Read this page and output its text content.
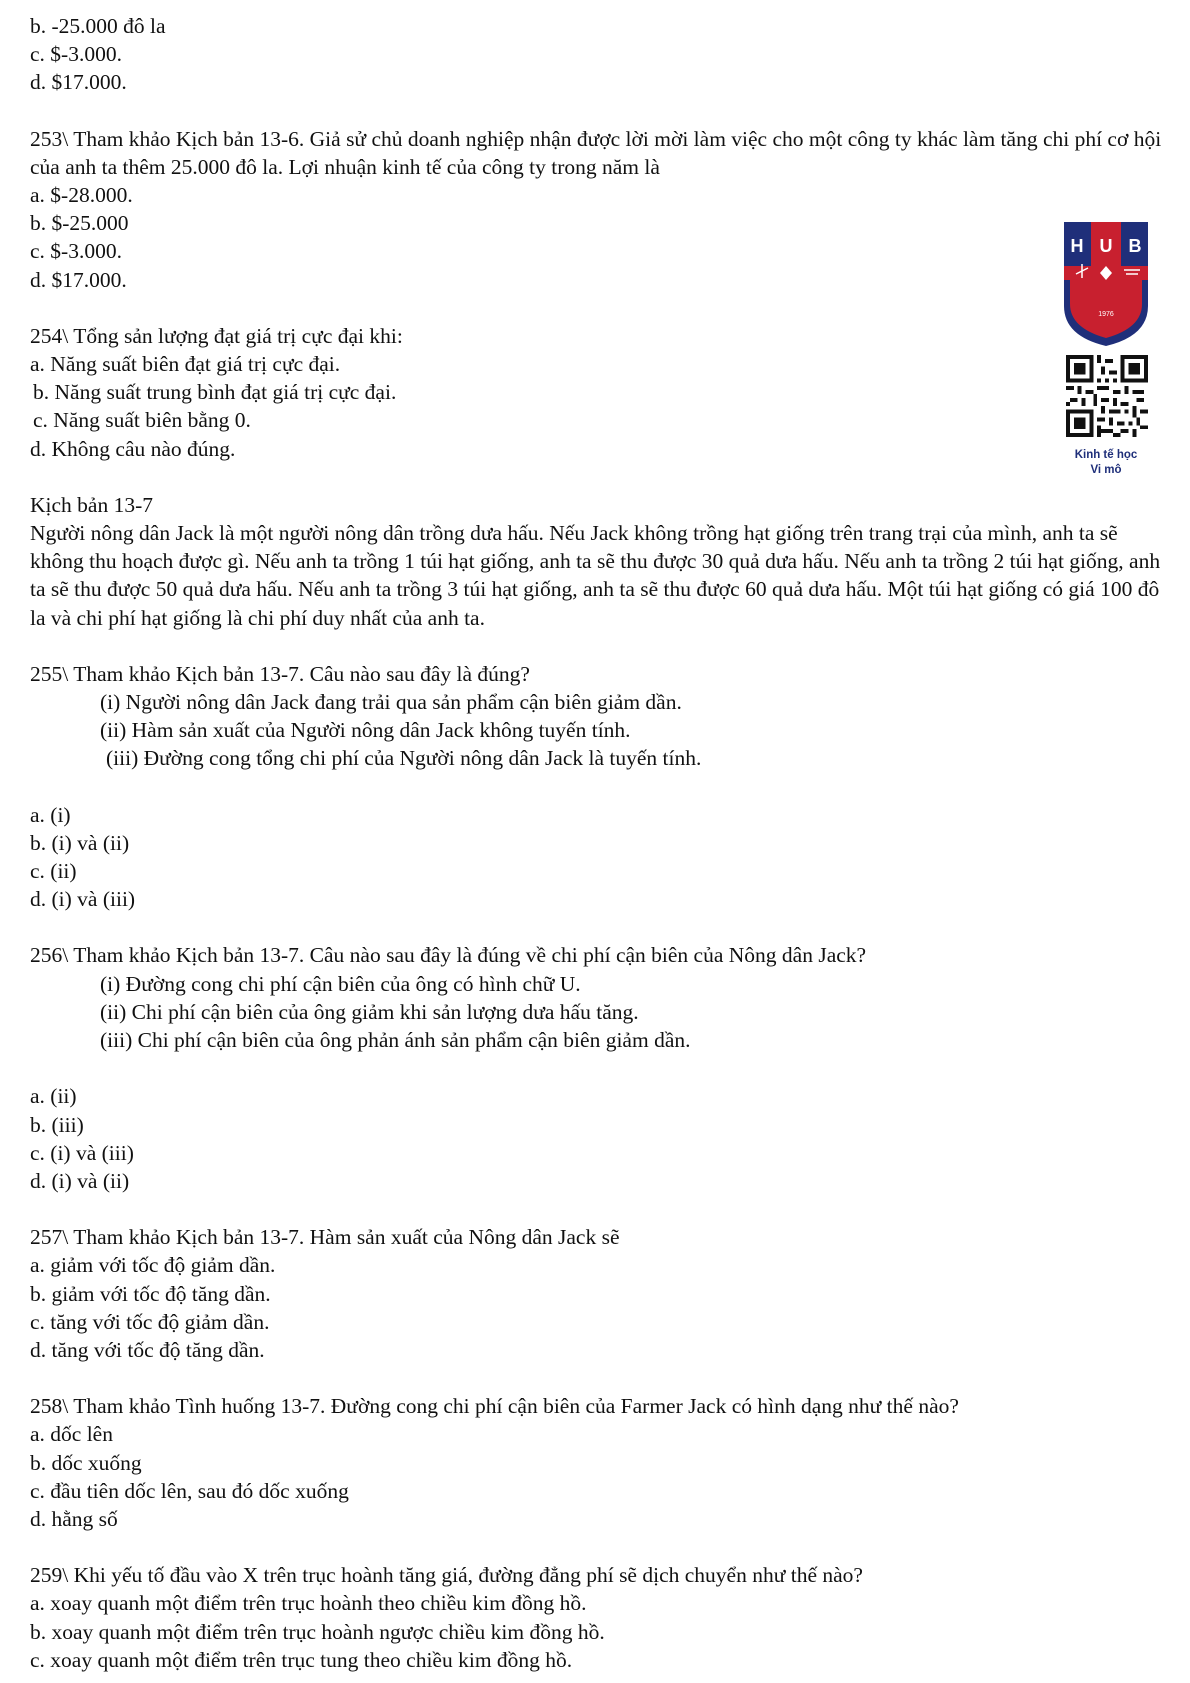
b. -25.000 đô la
c. $-3.000.
d. $17.000.
253\ Tham khảo Kịch bản 13-6. Giả sử chủ doanh nghiệp nhận được lời mời làm việc cho một công ty khác làm tăng chi phí cơ hội của anh ta thêm 25.000 đô la. Lợi nhuận kinh tế của công ty trong năm là
a. $-28.000.
b. $-25.000
c. $-3.000.
d. $17.000.
254\ Tổng sản lượng đạt giá trị cực đại khi:
a. Năng suất biên đạt giá trị cực đại.
b. Năng suất trung bình đạt giá trị cực đại.
c. Năng suất biên bằng 0.
d. Không câu nào đúng.
Kịch bản 13-7
Người nông dân Jack là một người nông dân trồng dưa hấu. Nếu Jack không trồng hạt giống trên trang trại của mình, anh ta sẽ không thu hoạch được gì. Nếu anh ta trồng 1 túi hạt giống, anh ta sẽ thu được 30 quả dưa hấu. Nếu anh ta trồng 2 túi hạt giống, anh ta sẽ thu được 50 quả dưa hấu. Nếu anh ta trồng 3 túi hạt giống, anh ta sẽ thu được 60 quả dưa hấu. Một túi hạt giống có giá 100 đô la và chi phí hạt giống là chi phí duy nhất của anh ta.
255\ Tham khảo Kịch bản 13-7. Câu nào sau đây là đúng?
(i) Người nông dân Jack đang trải qua sản phẩm cận biên giảm dần.
(ii) Hàm sản xuất của Người nông dân Jack không tuyến tính.
(iii) Đường cong tổng chi phí của Người nông dân Jack là tuyến tính.
a. (i)
b. (i) và (ii)
c. (ii)
d. (i) và (iii)
256\ Tham khảo Kịch bản 13-7. Câu nào sau đây là đúng về chi phí cận biên của Nông dân Jack?
(i) Đường cong chi phí cận biên của ông có hình chữ U.
(ii) Chi phí cận biên của ông giảm khi sản lượng dưa hấu tăng.
(iii) Chi phí cận biên của ông phản ánh sản phẩm cận biên giảm dần.
a. (ii)
b. (iii)
c. (i) và (iii)
d. (i) và (ii)
257\ Tham khảo Kịch bản 13-7. Hàm sản xuất của Nông dân Jack sẽ
a. giảm với tốc độ giảm dần.
b. giảm với tốc độ tăng dần.
c. tăng với tốc độ giảm dần.
d. tăng với tốc độ tăng dần.
258\ Tham khảo Tình huống 13-7. Đường cong chi phí cận biên của Farmer Jack có hình dạng như thế nào?
a. dốc lên
b. dốc xuống
c. đầu tiên dốc lên, sau đó dốc xuống
d. hằng số
259\ Khi yếu tố đầu vào X trên trục hoành tăng giá, đường đẳng phí sẽ dịch chuyển như thế nào?
a. xoay quanh một điểm trên trục hoành theo chiều kim đồng hồ.
b. xoay quanh một điểm trên trục hoành ngược chiều kim đồng hồ.
c. xoay quanh một điểm trên trục tung theo chiều kim đồng hồ.
H U B
1976
Kinh tế học
Vi mô
